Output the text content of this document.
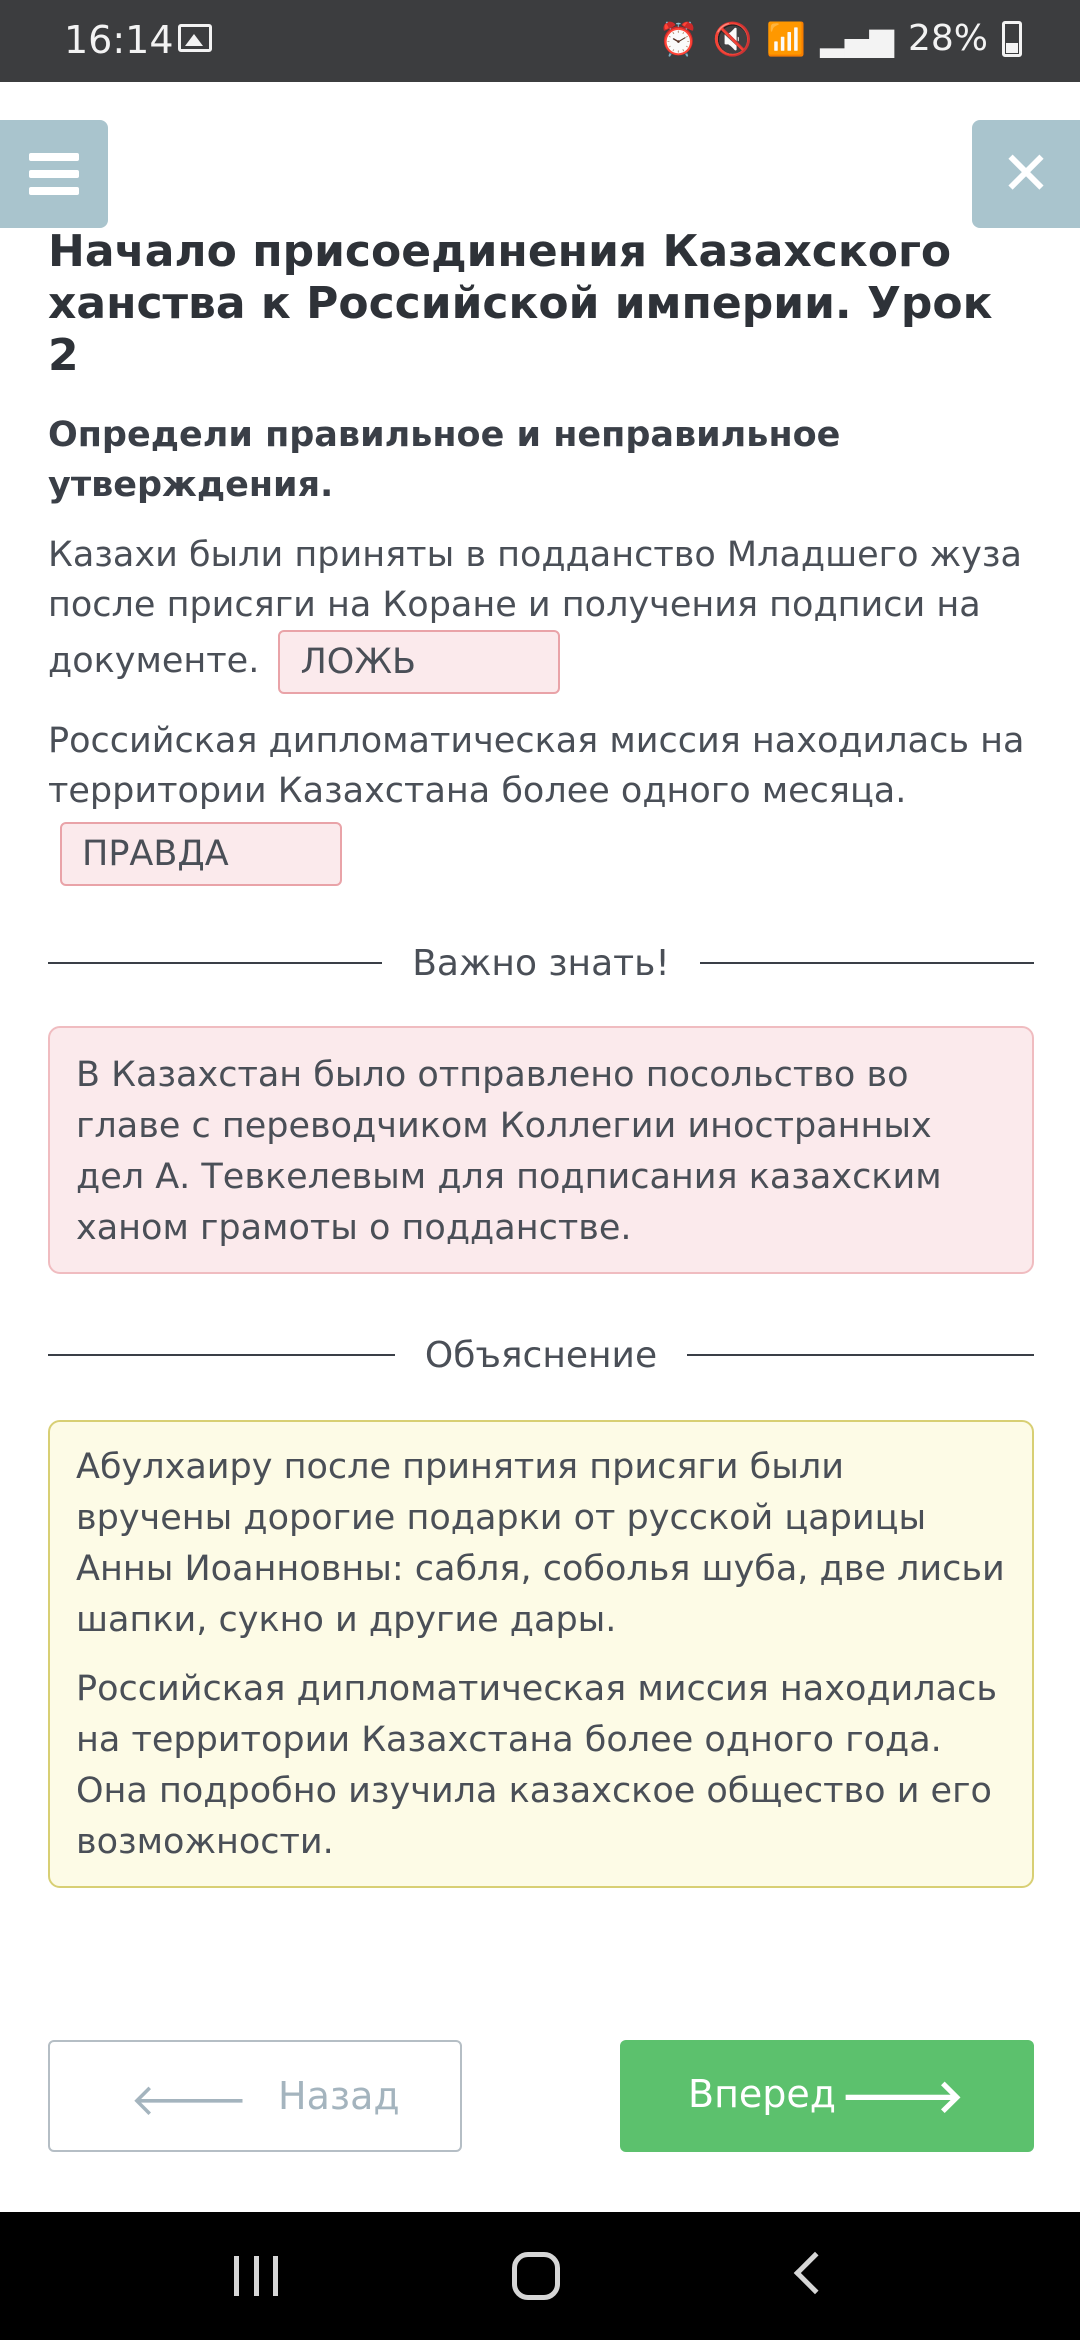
16:14	⏰ 🔇 📶 ▂▄▆ 28%
✕
Начало присоединения Казахского ханства к Российской империи. Урок 2
Определи правильное и неправильное утверждения.
Казахи были приняты в подданство Младшего жуза после присяги на Коране и получения подписи на документе. ЛОЖЬ
Российская дипломатическая миссия находилась на территории Казахстана более одного месяца.
ПРАВДА
Важно знать!
В Казахстан было отправлено посольство во главе с переводчиком Коллегии иностранных дел А. Тевкелевым для подписания казахским ханом грамоты о подданстве.
Объяснение

Абулхаиру после принятия присяги были вручены дорогие подарки от русской царицы Анны Иоанновны: сабля, соболья шуба, две лисьи шапки, сукно и другие дары.

Российская дипломатическая миссия находилась на территории Казахстана более одного года. Она подробно изучила казахское общество и его возможности.

🡐 Назад	Вперед 🡒
